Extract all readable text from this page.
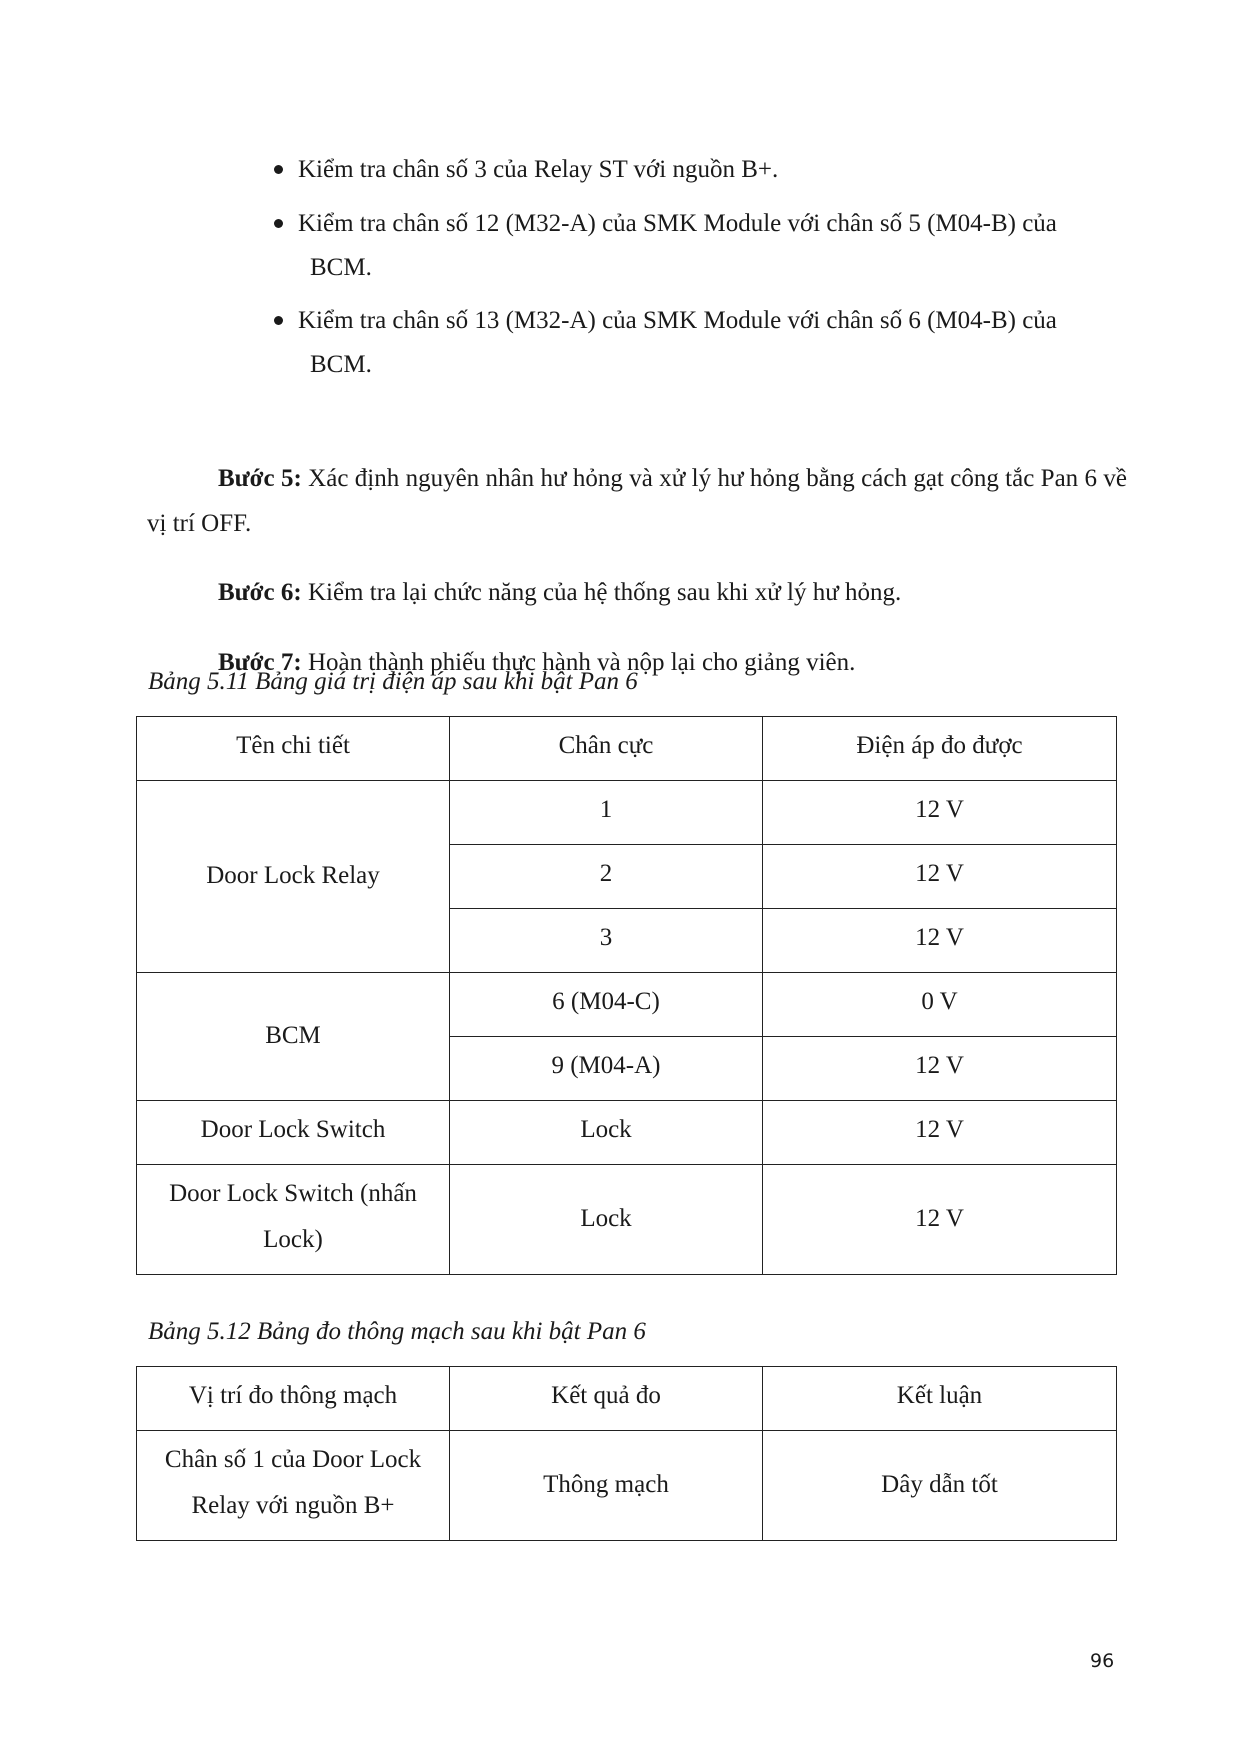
Kiểm tra chân số 3 của Relay ST với nguồn B+.
Kiểm tra chân số 12 (M32-A) của SMK Module với chân số 5 (M04-B) của
BCM.
Kiểm tra chân số 13 (M32-A) của SMK Module với chân số 6 (M04-B) của
BCM.

Bước 5: Xác định nguyên nhân hư hỏng và xử lý hư hỏng bằng cách gạt công tắc Pan 6 về vị trí OFF.

Bước 6: Kiểm tra lại chức năng của hệ thống sau khi xử lý hư hỏng.

Bước 7: Hoàn thành phiếu thực hành và nộp lại cho giảng viên.

Bảng 5.11 Bảng giá trị điện áp sau khi bật Pan 6
Tên chi tiết	Chân cực	Điện áp đo được
Door Lock Relay	1	12 V
	2	12 V
	3	12 V
BCM	6 (M04-C)	0 V
	9 (M04-A)	12 V
Door Lock Switch	Lock	12 V
Door Lock Switch (nhấn Lock)	Lock	12 V
Bảng 5.12 Bảng đo thông mạch sau khi bật Pan 6
Vị trí đo thông mạch	Kết quả đo	Kết luận
Chân số 1 của Door Lock Relay với nguồn B+	Thông mạch	Dây dẫn tốt
96
